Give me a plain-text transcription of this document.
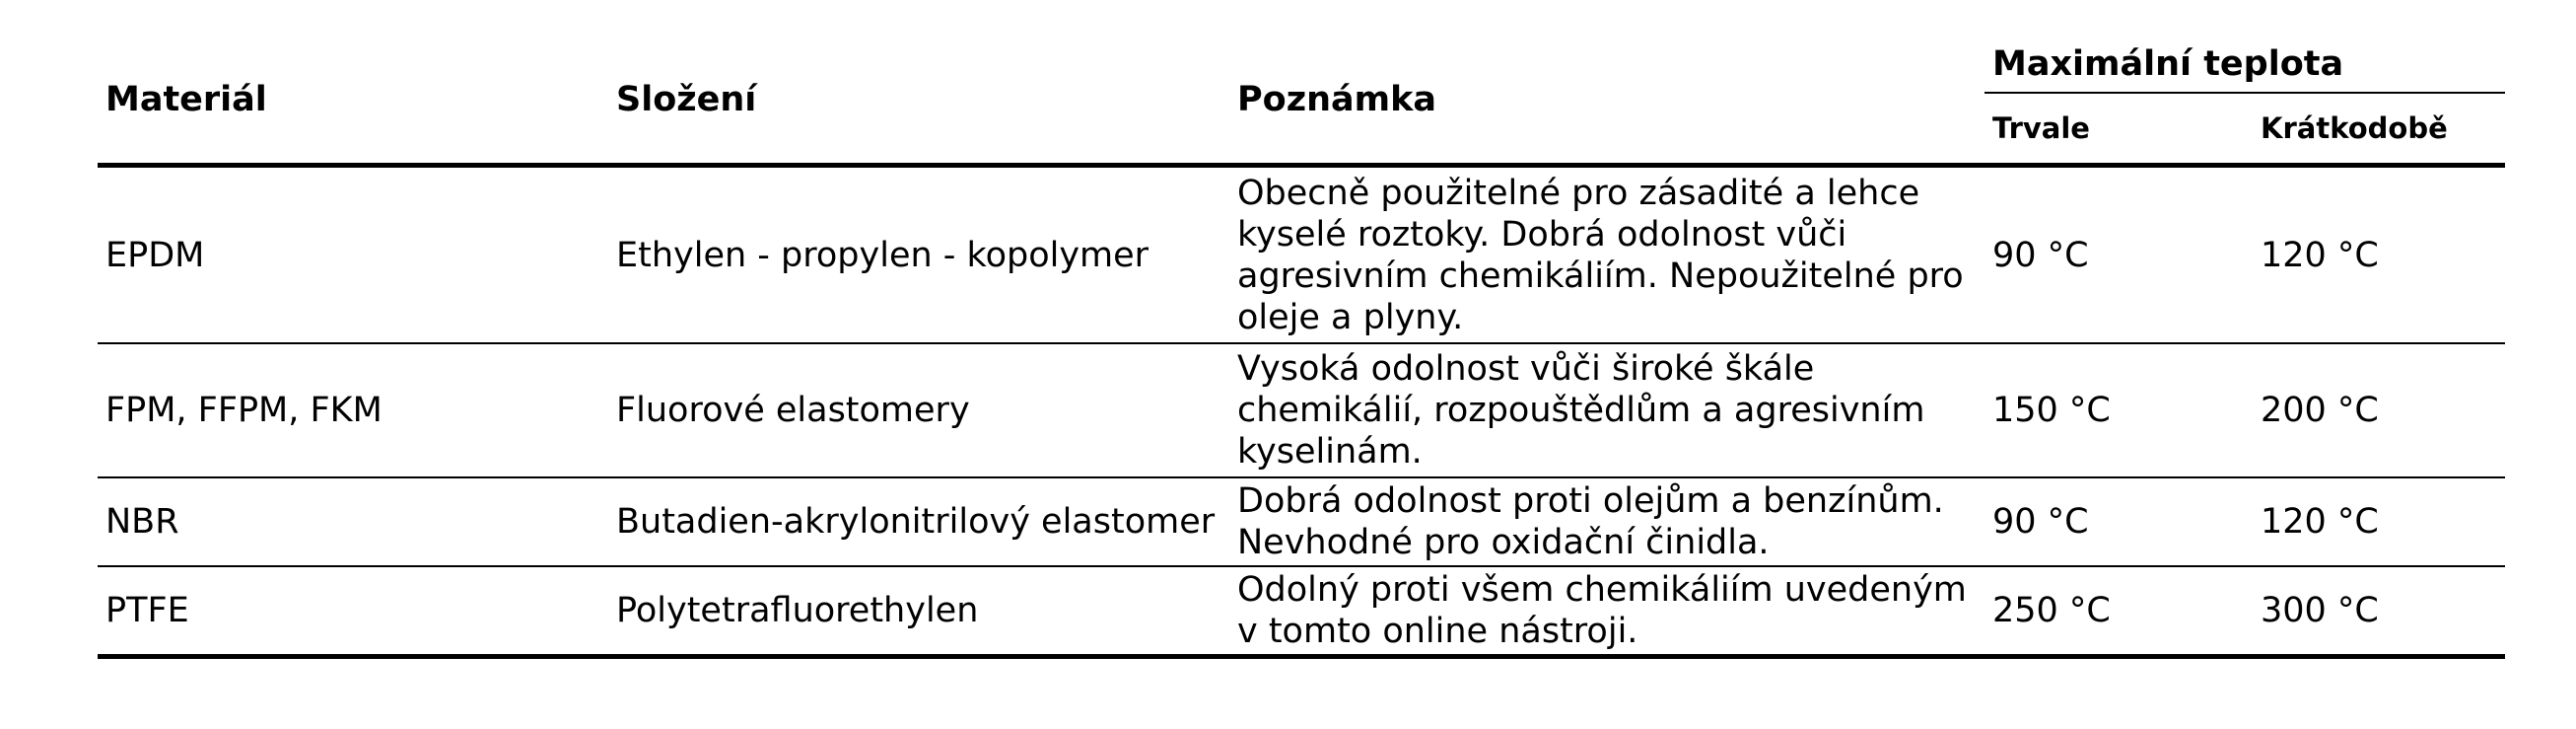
Materiál	Složení	Poznámka	Maximální teplota	
			Trvale	Krátkodobě
EPDM	Ethylen - propylen - kopolymer	Obecně použitelné pro zásadité a lehce kyselé roztoky. Dobrá odolnost vůči agresivním chemikáliím. Nepoužitelné pro oleje a plyny.	90 °C	120 °C
FPM, FFPM, FKM	Fluorové elastomery	Vysoká odolnost vůči široké škále chemikálií, rozpouštědlům a agresivním kyselinám.	150 °C	200 °C
NBR	Butadien-akrylonitrilový elastomer	Dobrá odolnost proti olejům a benzínům. Nevhodné pro oxidační činidla.	90 °C	120 °C
PTFE	Polytetrafluorethylen	Odolný proti všem chemikáliím uvedeným v tomto online nástroji.	250 °C	300 °C
